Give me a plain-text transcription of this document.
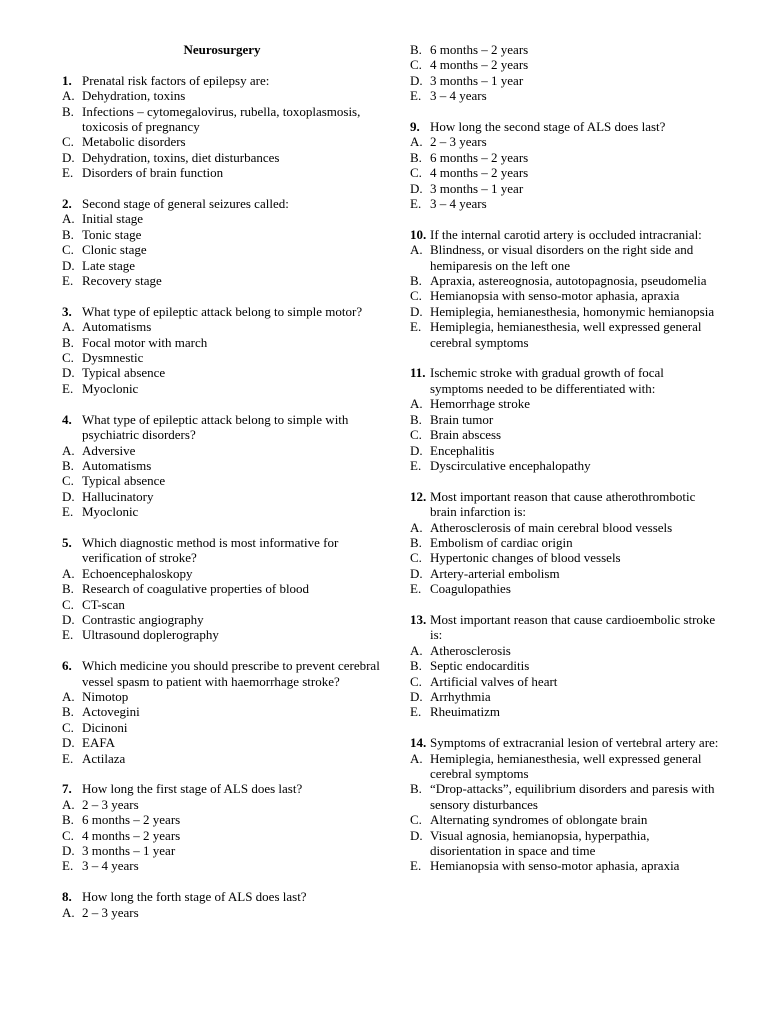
Neurosurgery
1. Prenatal risk factors of epilepsy are:
A. Dehydration, toxins
B. Infections – cytomegalovirus, rubella, toxoplasmosis, toxicosis of pregnancy
C. Metabolic disorders
D. Dehydration, toxins, diet disturbances
E. Disorders of brain function
2. Second stage of general seizures called:
A. Initial stage
B. Tonic stage
C. Clonic stage
D. Late stage
E. Recovery stage
3. What type of epileptic attack belong to simple motor?
A. Automatisms
B. Focal motor with march
C. Dysmnestic
D. Typical absence
E. Myoclonic
4. What type of epileptic attack belong to simple with psychiatric disorders?
A. Adversive
B. Automatisms
C. Typical absence
D. Hallucinatory
E. Myoclonic
5. Which diagnostic method is most informative for verification of stroke?
A. Echoencephaloskopy
B. Research of coagulative properties of blood
C. CT-scan
D. Contrastic angiography
E. Ultrasound doplerography
6. Which medicine you should prescribe to prevent cerebral vessel spasm to patient with haemorrhage stroke?
A. Nimotop
B. Actovegini
C. Dicinoni
D. EAFA
E. Actilaza
7. How long the first stage of ALS does last?
A. 2 – 3 years
B. 6 months – 2 years
C. 4 months – 2 years
D. 3 months – 1 year
E. 3 – 4 years
8. How long the forth stage of ALS does last?
A. 2 – 3 years
B. 6 months – 2 years
C. 4 months – 2 years
D. 3 months – 1 year
E. 3 – 4 years
9. How long the second stage of ALS does last?
A. 2 – 3 years
B. 6 months – 2 years
C. 4 months – 2 years
D. 3 months – 1 year
E. 3 – 4 years
10. If the internal carotid artery is occluded intracranial:
A. Blindness, or visual disorders on the right side and hemiparesis on the left one
B. Apraxia, astereognosia, autotopagnosia, pseudomelia
C. Hemianopsia with senso-motor aphasia, apraxia
D. Hemiplegia, hemianesthesia, homonymic hemianopsia
E. Hemiplegia, hemianesthesia, well expressed general cerebral symptoms
11. Ischemic stroke with gradual growth of focal symptoms needed to be differentiated with:
A. Hemorrhage stroke
B. Brain tumor
C. Brain abscess
D. Encephalitis
E. Dyscirculative encephalopathy
12. Most important reason that cause atherothrombotic brain infarction is:
A. Atherosclerosis of main cerebral blood vessels
B. Embolism of cardiac origin
C. Hypertonic changes of blood vessels
D. Artery-arterial embolism
E. Coagulopathies
13. Most important reason that cause cardioembolic stroke is:
A. Atherosclerosis
B. Septic endocarditis
C. Artificial valves of heart
D. Arrhythmia
E. Rheuimatizm
14. Symptoms of extracranial lesion of vertebral artery are:
A. Hemiplegia, hemianesthesia, well expressed general cerebral symptoms
B. “Drop-attacks”, equilibrium disorders and paresis with sensory disturbances
C. Alternating syndromes of oblongate brain
D. Visual agnosia, hemianopsia, hyperpathia, disorientation in space and time
E. Hemianopsia with senso-motor aphasia, apraxia
